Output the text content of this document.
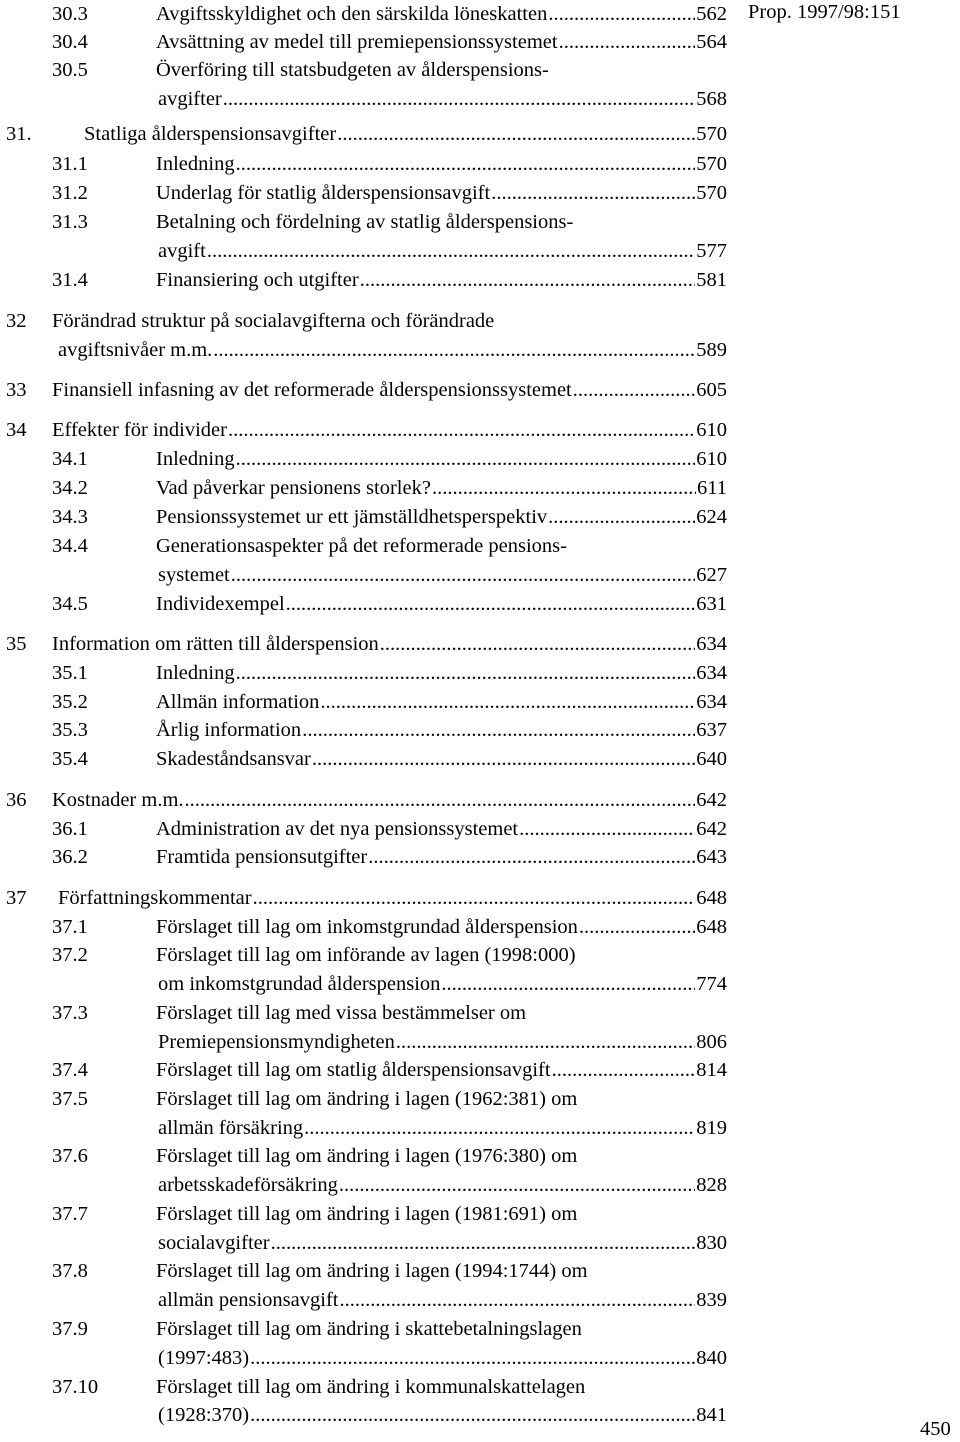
Prop. 1997/98:151
30.3	Avgiftsskyldighet och den särskilda löneskatten .....	562
30.4	Avsättning av medel till premiepensionssystemet .....	564
30.5	Överföring till statsbudgeten av ålderspensions-
avgifter .....	568
31.	Statliga ålderspensionsavgifter .....	570
31.1	Inledning .....	570
31.2	Underlag för statlig ålderspensionsavgift .....	570
31.3	Betalning och fördelning av statlig ålderspensions-
avgift .....	577
31.4	Finansiering och utgifter .....	581
32 Förändrad struktur på socialavgifterna och förändrade
avgiftsnivåer m.m. .....	589
33 Finansiell infasning av det reformerade ålderspensionssystemet .....	605
34 Effekter för individer .....	610
34.1	Inledning .....	610
34.2	Vad påverkar pensionens storlek? .....	611
34.3	Pensionssystemet ur ett jämställdhetsperspektiv .....	624
34.4	Generationsaspekter på det reformerade pensions-
systemet .....	627
34.5	Individexempel .....	631
35 Information om rätten till ålderspension .....	634
35.1	Inledning .....	634
35.2	Allmän information .....	634
35.3	Årlig information .....	637
35.4	Skadeståndsansvar .....	640
36 Kostnader m.m. .....	642
36.1	Administration av det nya pensionssystemet .....	642
36.2	Framtida pensionsutgifter .....	643
37 Författningskommentar .....	648
37.1	Förslaget till lag om inkomstgrundad ålderspension .....	648
37.2	Förslaget till lag om införande av lagen (1998:000)
om inkomstgrundad ålderspension .....	774
37.3	Förslaget till lag med vissa bestämmelser om
Premiepensionsmyndigheten .....	806
37.4	Förslaget till lag om statlig ålderspensionsavgift .....	814
37.5	Förslaget till lag om ändring i lagen (1962:381) om
allmän försäkring .....	819
37.6	Förslaget till lag om ändring i lagen (1976:380) om
arbetsskadeförsäkring .....	828
37.7	Förslaget till lag om ändring i lagen (1981:691) om
socialavgifter .....	830
37.8	Förslaget till lag om ändring i lagen (1994:1744) om
allmän pensionsavgift .....	839
37.9	Förslaget till lag om ändring i skattebetalningslagen
(1997:483) .....	840
37.10	Förslaget till lag om ändring i kommunalskattelagen
(1928:370) .....	841
450
